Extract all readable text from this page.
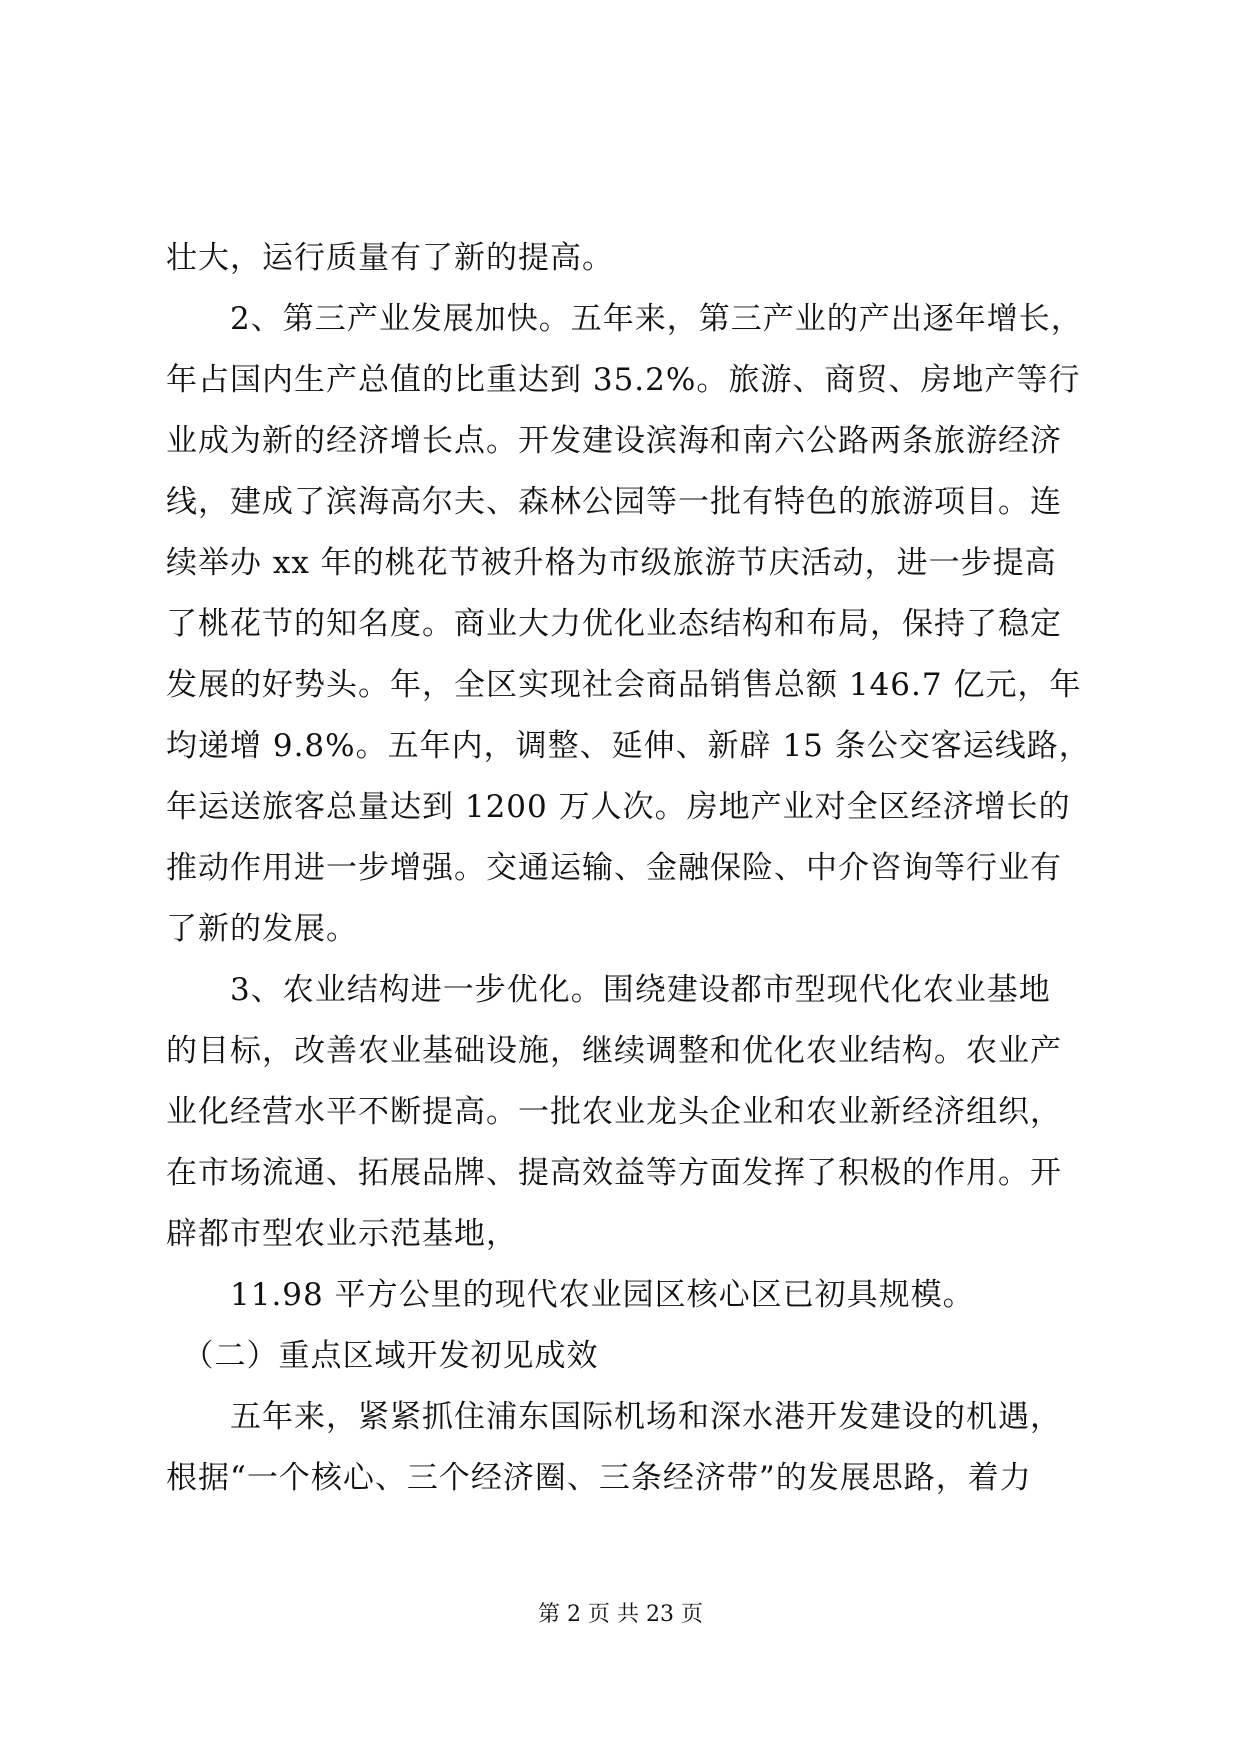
壮大，运行质量有了新的提高。
　　2、第三产业发展加快。五年来，第三产业的产出逐年增长，
年占国内生产总值的比重达到 35.2%。旅游、商贸、房地产等行
业成为新的经济增长点。开发建设滨海和南六公路两条旅游经济
线，建成了滨海高尔夫、森林公园等一批有特色的旅游项目。连
续举办 xx 年的桃花节被升格为市级旅游节庆活动，进一步提高
了桃花节的知名度。商业大力优化业态结构和布局，保持了稳定
发展的好势头。年，全区实现社会商品销售总额 146.7 亿元，年
均递增 9.8%。五年内，调整、延伸、新辟 15 条公交客运线路，
年运送旅客总量达到 1200 万人次。房地产业对全区经济增长的
推动作用进一步增强。交通运输、金融保险、中介咨询等行业有
了新的发展。
　　3、农业结构进一步优化。围绕建设都市型现代化农业基地
的目标，改善农业基础设施，继续调整和优化农业结构。农业产
业化经营水平不断提高。一批农业龙头企业和农业新经济组织，
在市场流通、拓展品牌、提高效益等方面发挥了积极的作用。开
辟都市型农业示范基地，
　　11.98 平方公里的现代农业园区核心区已初具规模。
　（二）重点区域开发初见成效
　　五年来，紧紧抓住浦东国际机场和深水港开发建设的机遇，
根据“一个核心、三个经济圈、三条经济带”的发展思路，着力
第 2 页 共 23 页
